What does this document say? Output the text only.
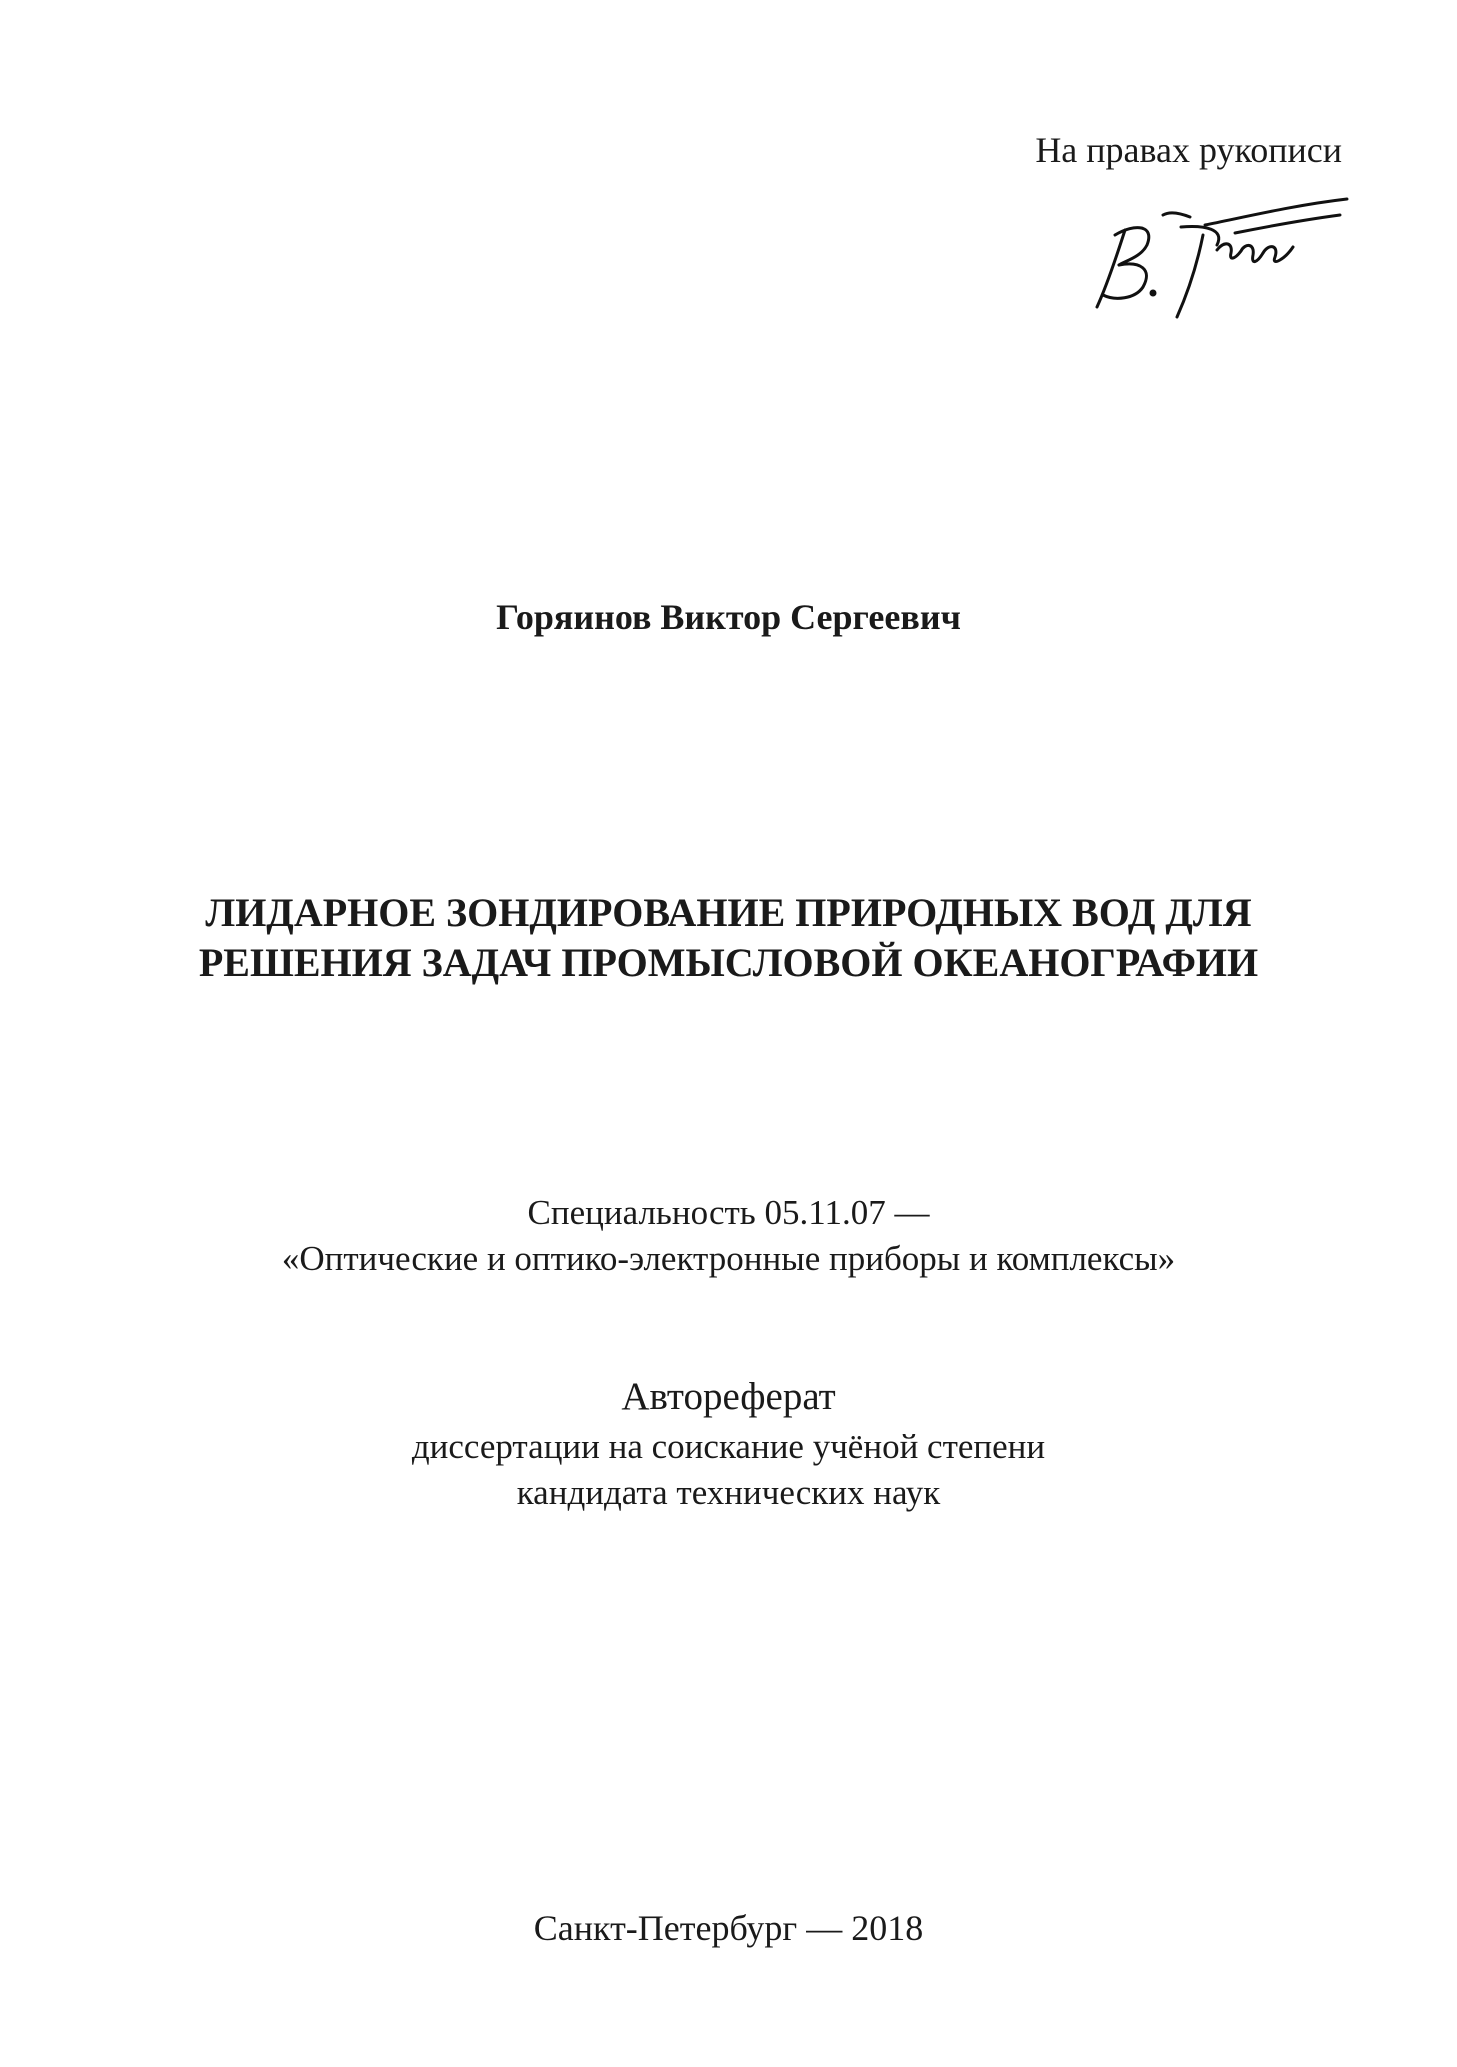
На правах рукописи
Горяинов Виктор Сергеевич
ЛИДАРНОЕ ЗОНДИРОВАНИЕ ПРИРОДНЫХ ВОД ДЛЯ
РЕШЕНИЯ ЗАДАЧ ПРОМЫСЛОВОЙ ОКЕАНОГРАФИИ
Специальность 05.11.07 —
«Оптические и оптико-электронные приборы и комплексы»
Автореферат
диссертации на соискание учёной степени
кандидата технических наук
Санкт-Петербург — 2018
